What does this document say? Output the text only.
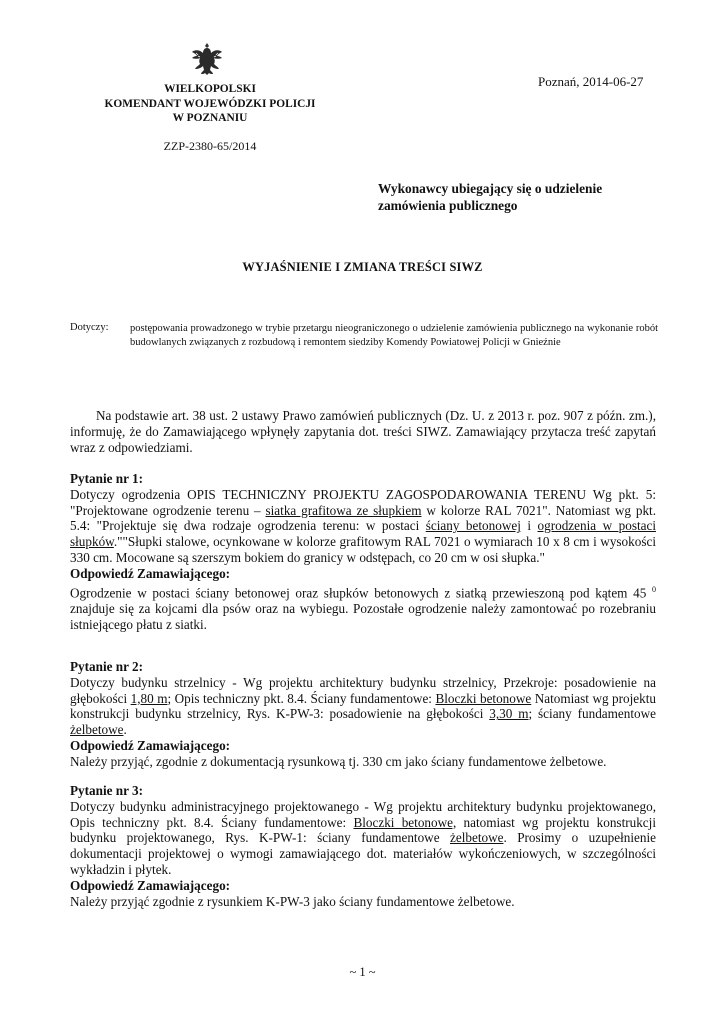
WIELKOPOLSKI
KOMENDANT WOJEWÓDZKI POLICJI
W POZNANIU
ZZP-2380-65/2014
Poznań, 2014-06-27
Wykonawcy ubiegający się o udzielenie
zamówienia publicznego
WYJAŚNIENIE I ZMIANA TREŚCI SIWZ
Dotyczy: postępowania prowadzonego w trybie przetargu nieograniczonego o udzielenie zamówienia publicznego na wykonanie robót budowlanych związanych z rozbudową i remontem siedziby Komendy Powiatowej Policji w Gnieźnie

Na podstawie art. 38 ust. 2 ustawy Prawo zamówień publicznych (Dz. U. z 2013 r. poz. 907 z późn. zm.), informuję, że do Zamawiającego wpłynęły zapytania dot. treści SIWZ. Zamawiający przytacza treść zapytań wraz z odpowiedziami.

Pytanie nr 1:

Dotyczy ogrodzenia OPIS TECHNICZNY PROJEKTU ZAGOSPODAROWANIA TERENU Wg pkt. 5: "Projektowane ogrodzenie terenu – siatka grafitowa ze słupkiem w kolorze RAL 7021". Natomiast wg pkt. 5.4: "Projektuje się dwa rodzaje ogrodzenia terenu: w postaci ściany betonowej i ogrodzenia w postaci słupków.""Słupki stalowe, ocynkowane w kolorze grafitowym RAL 7021 o wymiarach 10 x 8 cm i wysokości 330 cm. Mocowane są szerszym bokiem do granicy w odstępach, co 20 cm w osi słupka."

Odpowiedź Zamawiającego:

Ogrodzenie w postaci ściany betonowej oraz słupków betonowych z siatką przewieszoną pod kątem 45 $^0$ znajduje się za kojcami dla psów oraz na wybiegu. Pozostałe ogrodzenie należy zamontować po rozebraniu istniejącego płatu z siatki.

Pytanie nr 2:

Dotyczy budynku strzelnicy - Wg projektu architektury budynku strzelnicy, Przekroje: posadowienie na głębokości 1,80 m; Opis techniczny pkt. 8.4. Ściany fundamentowe: Bloczki betonowe Natomiast wg projektu konstrukcji budynku strzelnicy, Rys. K-PW-3: posadowienie na głębokości 3,30 m; ściany fundamentowe żelbetowe.

Odpowiedź Zamawiającego:

Należy przyjąć, zgodnie z dokumentacją rysunkową tj. 330 cm jako ściany fundamentowe żelbetowe.

Pytanie nr 3:

Dotyczy budynku administracyjnego projektowanego - Wg projektu architektury budynku projektowanego, Opis techniczny pkt. 8.4. Ściany fundamentowe: Bloczki betonowe, natomiast wg projektu konstrukcji budynku projektowanego, Rys. K-PW-1: ściany fundamentowe żelbetowe. Prosimy o uzupełnienie dokumentacji projektowej o wymogi zamawiającego dot. materiałów wykończeniowych, w szczególności wykładzin i płytek.

Odpowiedź Zamawiającego:

Należy przyjąć zgodnie z rysunkiem K-PW-3 jako ściany fundamentowe żelbetowe.

~ 1 ~
